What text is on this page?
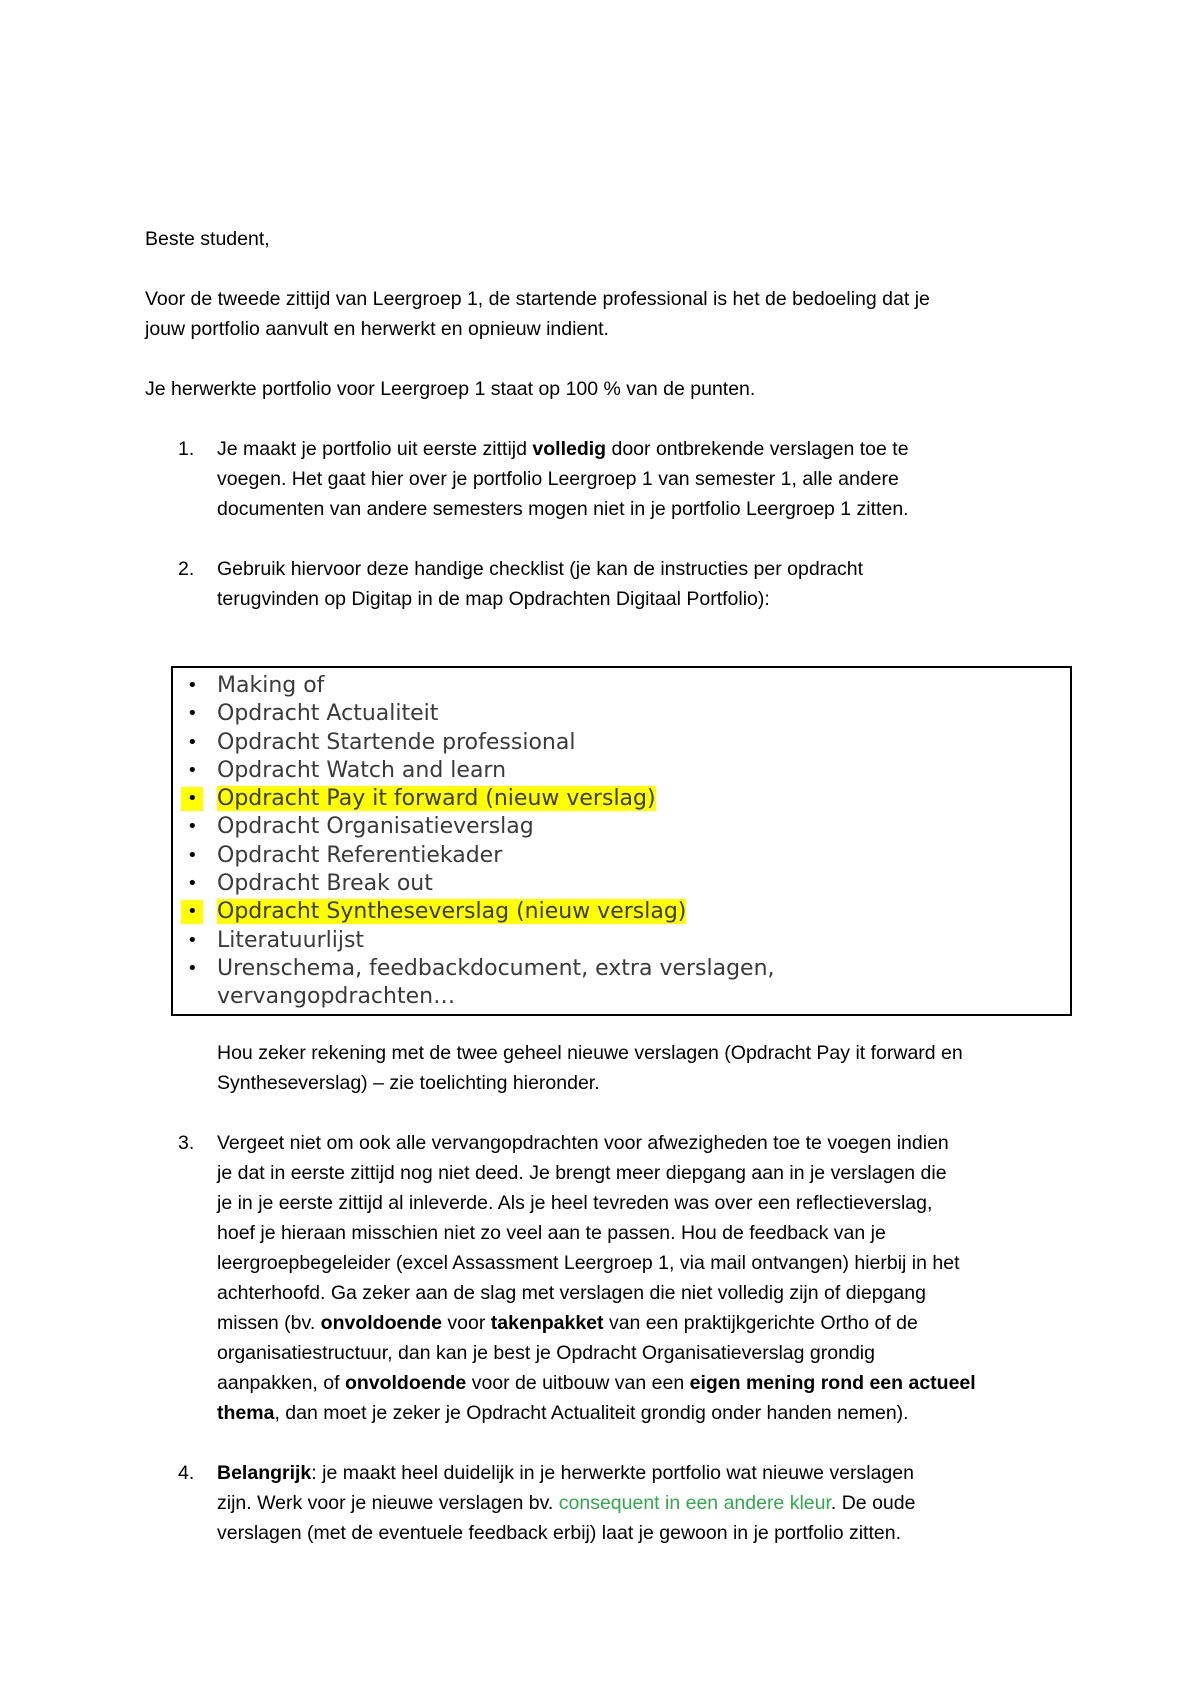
Beste student,

Voor de tweede zittijd van Leergroep 1, de startende professional is het de bedoeling dat je
jouw portfolio aanvult en herwerkt en opnieuw indient.

Je herwerkte portfolio voor Leergroep 1 staat op 100 % van de punten.

1. Je maakt je portfolio uit eerste zittijd volledig door ontbrekende verslagen toe te
voegen. Het gaat hier over je portfolio Leergroep 1 van semester 1, alle andere
documenten van andere semesters mogen niet in je portfolio Leergroep 1 zitten.
2. Gebruik hiervoor deze handige checklist (je kan de instructies per opdracht
terugvinden op Digitap in de map Opdrachten Digitaal Portfolio):
• Making of
• Opdracht Actualiteit
• Opdracht Startende professional
• Opdracht Watch and learn
• Opdracht Pay it forward (nieuw verslag)
• Opdracht Organisatieverslag
• Opdracht Referentiekader
• Opdracht Break out
• Opdracht Syntheseverslag (nieuw verslag)
• Literatuurlijst
• Urenschema, feedbackdocument, extra verslagen,
vervangopdrachten…

Hou zeker rekening met de twee geheel nieuwe verslagen (Opdracht Pay it forward en
Syntheseverslag) – zie toelichting hieronder.

3. Vergeet niet om ook alle vervangopdrachten voor afwezigheden toe te voegen indien
je dat in eerste zittijd nog niet deed. Je brengt meer diepgang aan in je verslagen die
je in je eerste zittijd al inleverde. Als je heel tevreden was over een reflectieverslag,
hoef je hieraan misschien niet zo veel aan te passen. Hou de feedback van je
leergroepbegeleider (excel Assassment Leergroep 1, via mail ontvangen) hierbij in het
achterhoofd. Ga zeker aan de slag met verslagen die niet volledig zijn of diepgang
missen (bv. onvoldoende voor takenpakket van een praktijkgerichte Ortho of de
organisatiestructuur, dan kan je best je Opdracht Organisatieverslag grondig
aanpakken, of onvoldoende voor de uitbouw van een eigen mening rond een actueel
thema, dan moet je zeker je Opdracht Actualiteit grondig onder handen nemen).
4. Belangrijk: je maakt heel duidelijk in je herwerkte portfolio wat nieuwe verslagen
zijn. Werk voor je nieuwe verslagen bv. consequent in een andere kleur. De oude
verslagen (met de eventuele feedback erbij) laat je gewoon in je portfolio zitten.
